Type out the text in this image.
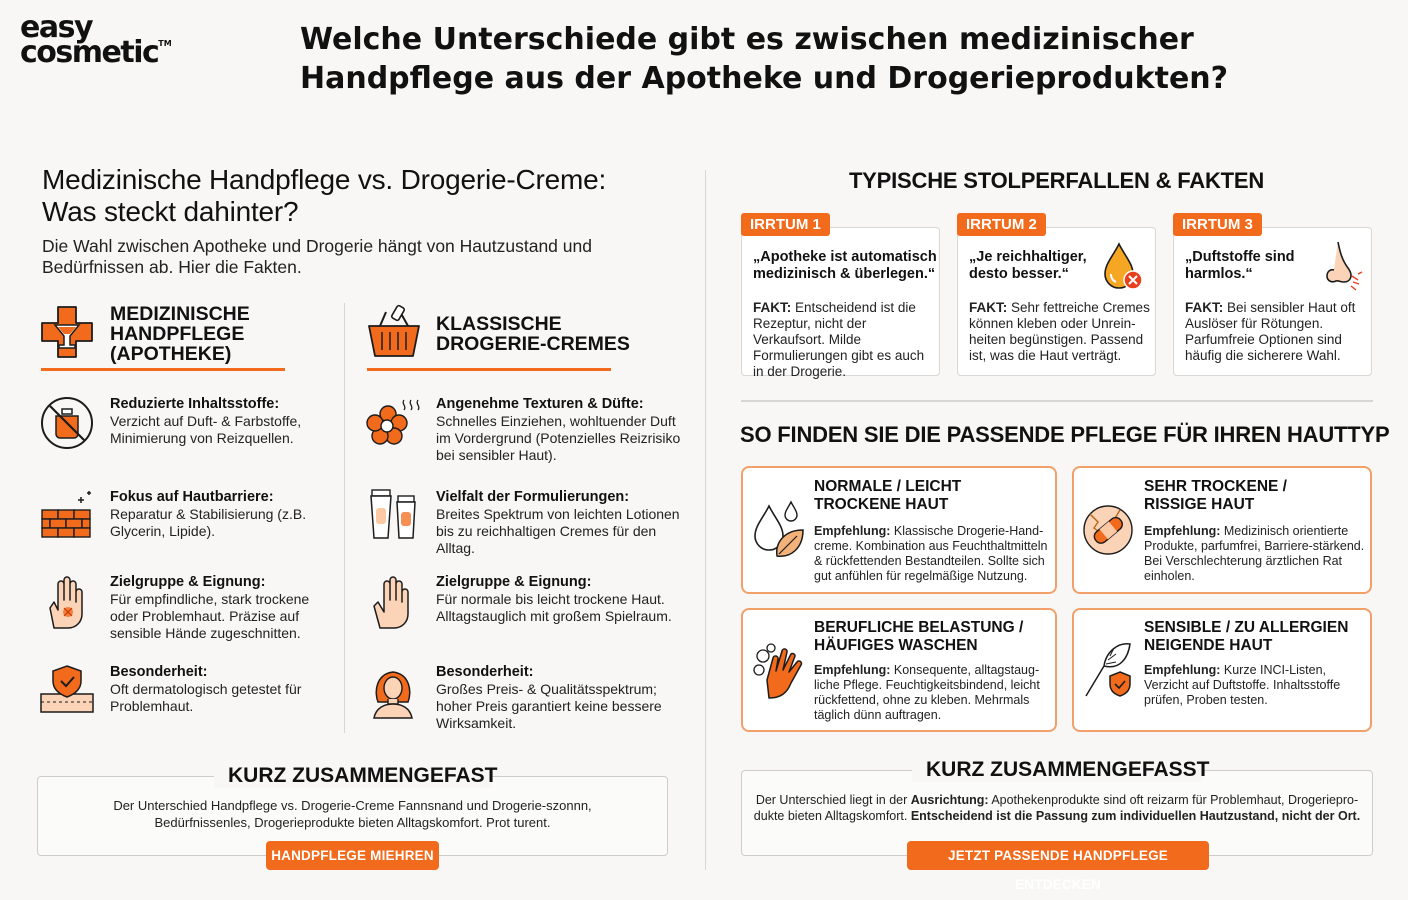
easy
cosmetic™	Welche Unterschiede gibt es zwischen medizinischer
Handpflege aus der Apotheke und Drogerieprodukten?
Medizinische Handpflege vs. Drogerie-Creme:
Was steckt dahinter?
Die Wahl zwischen Apotheke und Drogerie hängt von Hautzustand und Bedürfnissen ab. Hier die Fakten.
MEDIZINISCHE
HANDPFLEGE
(APOTHEKE)
KLASSISCHE
DROGERIE-CREMES
Reduzierte Inhaltsstoffe:
Verzicht auf Duft- & Farbstoffe, Minimierung von Reizquellen.
Fokus auf Hautbarriere:
Reparatur & Stabilisierung (z.B. Glycerin, Lipide).
Zielgruppe & Eignung:
Für empfindliche, stark trockene oder Problemhaut. Präzise auf sensible Hände zugeschnitten.
Besonderheit:
Oft dermatologisch getestet für Problemhaut.
Angenehme Texturen & Düfte:
Schnelles Einziehen, wohltuender Duft im Vordergrund (Potenzielles Reizrisiko bei sensibler Haut).
Vielfalt der Formulierungen:
Breites Spektrum von leichten Lotionen bis zu reichhaltigen Cremes für den Alltag.
Zielgruppe & Eignung:
Für normale bis leicht trockene Haut. Alltagstauglich mit großem Spielraum.
Besonderheit:
Großes Preis- & Qualitätsspektrum; hoher Preis garantiert keine bessere Wirksamkeit.
KURZ ZUSAMMENGEFAST
Der Unterschied Handpflege vs. Drogerie-Creme Fannsnand und Drogerie-szonnn,
Bedürfnissenles, Drogerieprodukte bieten Alltagskomfort. Prot turent.
HANDPFLEGE MIEHREN
TYPISCHE STOLPERFALLEN & FAKTEN
IRRTUM 1
„Apotheke ist automatisch
medizinisch & überlegen.“
FAKT: Entscheidend ist die Rezeptur, nicht der Verkaufsort. Milde Formulierungen gibt es auch in der Drogerie.
IRRTUM 2
„Je reichhaltiger,
desto besser.“
FAKT: Sehr fettreiche Cremes können kleben oder Unrein-heiten begünstigen. Passend ist, was die Haut verträgt.
IRRTUM 3
„Duftstoffe sind
harmlos.“
FAKT: Bei sensibler Haut oft Auslöser für Rötungen. Parfumfreie Optionen sind häufig die sicherere Wahl.
SO FINDEN SIE DIE PASSENDE PFLEGE FÜR IHREN HAUTTYP
NORMALE / LEICHT
TROCKENE HAUT
Empfehlung: Klassische Drogerie-Hand-creme. Kombination aus Feuchthaltmitteln & rückfettenden Bestandteilen. Sollte sich gut anfühlen für regelmäßige Nutzung.
SEHR TROCKENE /
RISSIGE HAUT
Empfehlung: Medizinisch orientierte Produkte, parfumfrei, Barriere-stärkend. Bei Verschlechterung ärztlichen Rat einholen.
BERUFLICHE BELASTUNG /
HÄUFIGES WASCHEN
Empfehlung: Konsequente, alltagstaug-liche Pflege. Feuchtigkeitsbindend, leicht rückfettend, ohne zu kleben. Mehrmals täglich dünn auftragen.
SENSIBLE / ZU ALLERGIEN
NEIGENDE HAUT
Empfehlung: Kurze INCI-Listen, Verzicht auf Duftstoffe. Inhaltsstoffe prüfen, Proben testen.
KURZ ZUSAMMENGEFASST
Der Unterschied liegt in der Ausrichtung: Apothekenprodukte sind oft reizarm für Problemhaut, Drogeriepro-dukte bieten Alltagskomfort. Entscheidend ist die Passung zum individuellen Hautzustand, nicht der Ort.
JETZT PASSENDE HANDPFLEGE ENTDECKEN
